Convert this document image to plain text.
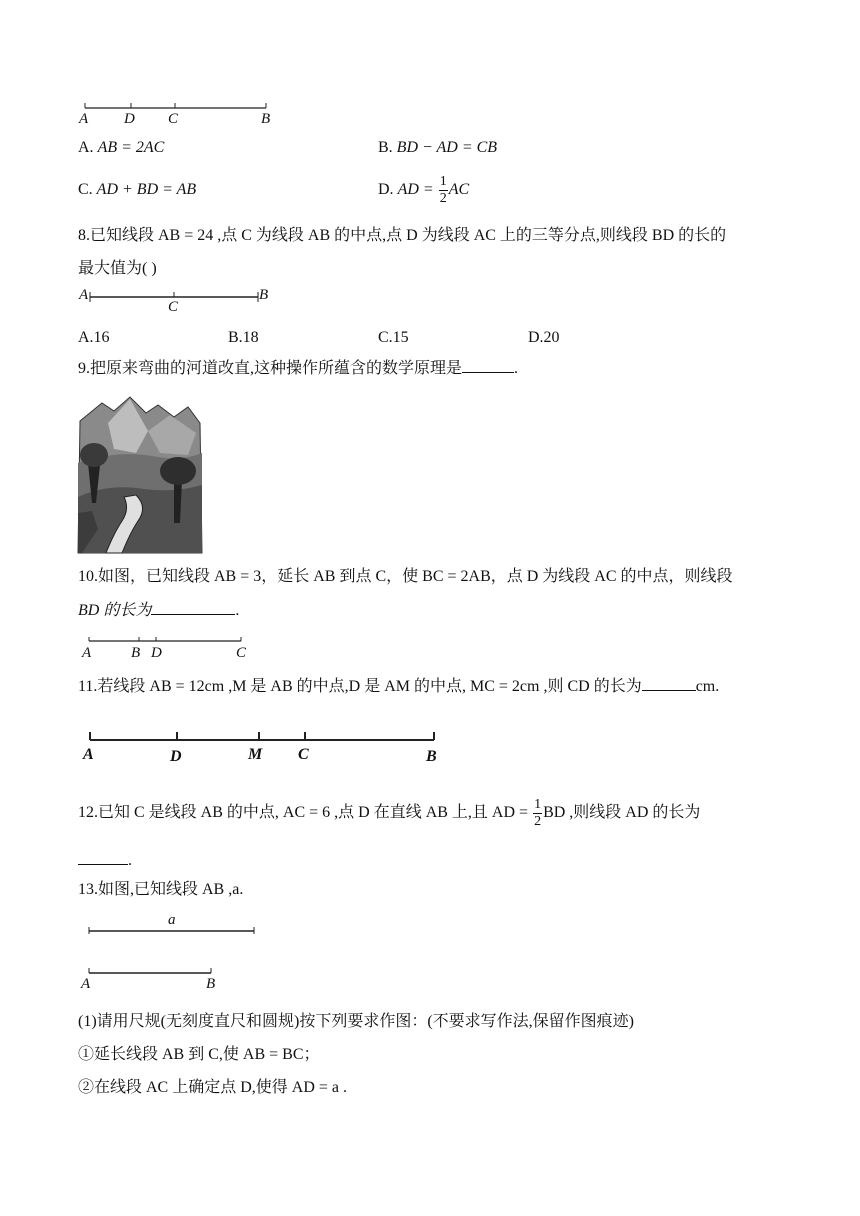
A D C	B
A. AB = 2AC	B. BD − AD = CB
C. AD + BD = AB	D. AD = $\frac{1}{2}$ AC
8.已知线段 AB = 24 ,点 C 为线段 AB 的中点,点 D 为线段 AC 上的三等分点,则线段 BD 的长的
最大值为( )
A
C
B
A.16	B.18	C.15	D.20
9.把原来弯曲的河道改直,这种操作所蕴含的数学原理是	.
10.如图，已知线段 AB = 3，延长 AB 到点 C，使 BC = 2AB，点 D 为线段 AC 的中点，则线段
BD 的长为	.
A	B D	C
11.若线段 AB = 12cm ,M 是 AB 的中点,D 是 AM 的中点, MC = 2cm ,则 CD 的长为	cm.
A	D	M C	B
12.已知 C 是线段 AB 的中点, AC = 6 ,点 D 在直线 AB 上,且 AD = $\frac{1}{2}$ BD ,则线段 AD 的长为
.
13.如图,已知线段 AB ,a.
a
A	B
(1)请用尺规(无刻度直尺和圆规)按下列要求作图：(不要求写作法,保留作图痕迹)
①延长线段 AB 到 C,使 AB = BC；
②在线段 AC 上确定点 D,使得 AD = a .
